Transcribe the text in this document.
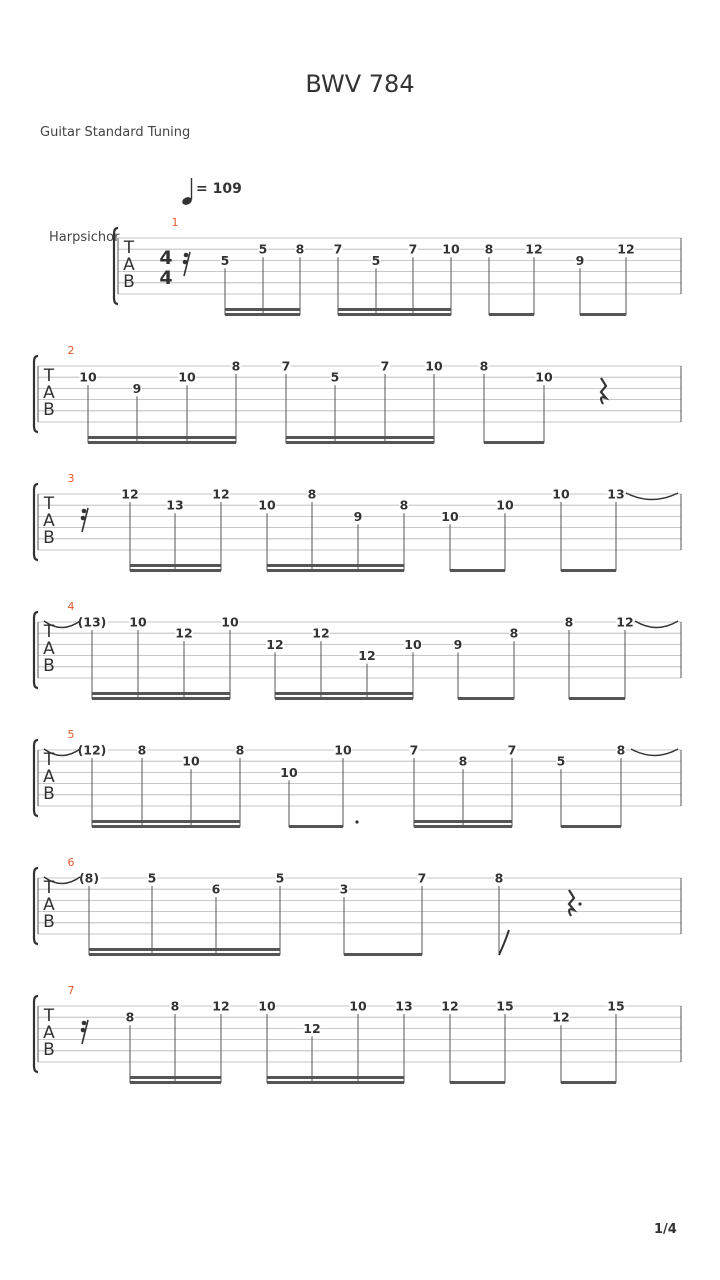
BWV 784
Guitar Standard Tuning
= 109
Harpsichor
T
A
B
1
T
A
B
2
T
A
B
3
T
A
B
4
T
A
B
5
T
A
B
6
T
A
B
7
4
4
5
5 8 7
5
7 10 8	12
9
12
10
9
10
8	7
5
7	10	8
10
12
13
12
10
8
9
8
10
10
10	13
(13) 10
12
10
12
12
12
10	9
8
8	12
(12) 8
10
8
10
10	7
8
7
5
8
(8)	5
6
5
3
7	8
8
8	12 10
12
10 13 12	15
12
15
1/4
